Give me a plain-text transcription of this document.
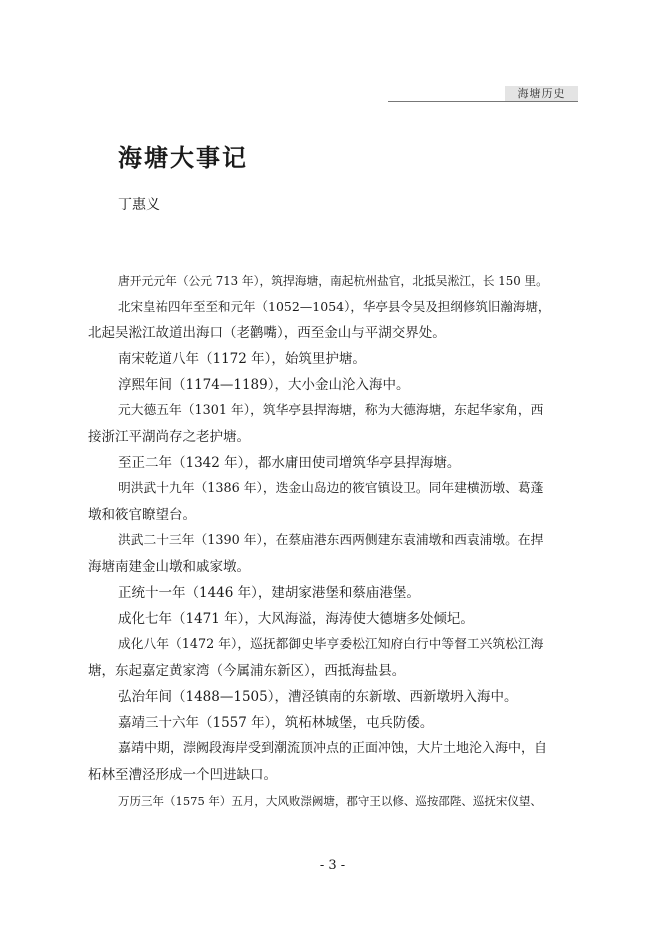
海塘历史
海塘大事记
丁惠义

唐开元元年（公元 713 年），筑捍海塘，南起杭州盐官，北抵吴淞江，长 150 里。

北宋皇祐四年至至和元年（1052—1054），华亭县令吴及担纲修筑旧瀚海塘，
北起吴淞江故道出海口（老鹳嘴），西至金山与平湖交界处。

南宋乾道八年（1172 年），始筑里护塘。

淳熙年间（1174—1189），大小金山沦入海中。

元大德五年（1301 年），筑华亭县捍海塘，称为大德海塘，东起华家角，西
接浙江平湖尚存之老护塘。

至正二年（1342 年），都水庸田使司增筑华亭县捍海塘。

明洪武十九年（1386 年），迭金山岛边的筱官镇设卫。同年建横沥墩、葛蓬
墩和筱官瞭望台。

洪武二十三年（1390 年），在蔡庙港东西两侧建东袁浦墩和西袁浦墩。在捍
海塘南建金山墩和戚家墩。

正统十一年（1446 年），建胡家港堡和蔡庙港堡。

成化七年（1471 年），大风海溢，海涛使大德塘多处倾圮。

成化八年（1472 年），巡抚都御史毕亨委松江知府白行中等督工兴筑松江海
塘，东起嘉定黄家湾（今属浦东新区），西抵海盐县。

弘治年间（1488—1505），漕泾镇南的东新墩、西新墩坍入海中。

嘉靖三十六年（1557 年），筑柘林城堡，屯兵防倭。

嘉靖中期，漴阙段海岸受到潮流顶冲点的正面冲蚀，大片土地沦入海中，自
柘林至漕泾形成一个凹进缺口。

万历三年（1575 年）五月，大风败漴阙塘，郡守王以修、巡按邵陛、巡抚宋仪望、

- 3 -
